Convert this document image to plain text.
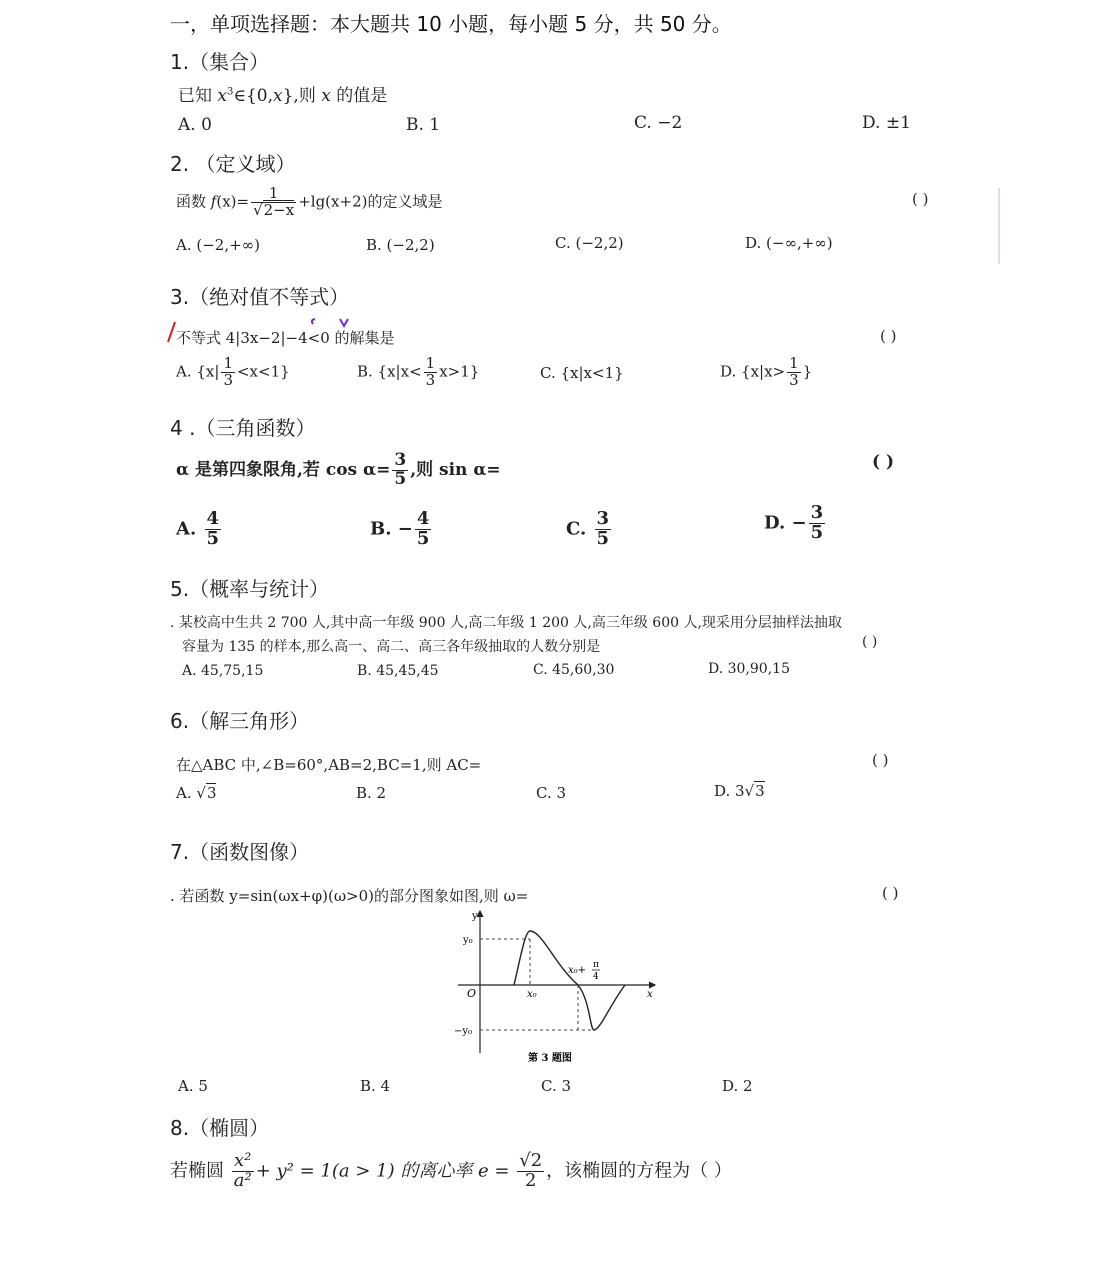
一，单项选择题：本大题共 10 小题，每小题 5 分，共 50 分。
1.（集合）
已知 $x^3\in\{0,x\}$,则 x 的值是
A. 0	B. 1	C. −2	D. ±1
2. （定义域）
函数 $f(x)= \frac{1}{√2-x} +\lg(x+2)$的定义域是	( )
A. (−2,+∞)	B. (−2,2)	C. (−2,2)	D. (−∞,+∞)
3.（绝对值不等式）
不等式 4|3x−2|−4<0 的解集是	( )
A. $\{x| \frac{1}{3} <x<1\}$	B. $\{x|x< \frac{1}{3} x>1\}$	C. {x|x<1}	D. {$x|x> \frac{1}{3}$ }
4 .（三角函数）
α 是第四象限角,若 $\cos \alpha= \frac{3}{5}$ ,则 sin α=	( )
A. $\frac{4}{5}$	B. − $\frac{4}{5}$	C. $\frac{3}{5}$	D. − $\frac{3}{5}$
5.（概率与统计）
. 某校高中生共 2 700 人,其中高一年级 900 人,高二年级 1 200 人,高三年级 600 人,现采用分层抽样法抽取
容量为 135 的样本,那么高一、高二、高三各年级抽取的人数分别是	( )
A. 45,75,15	B. 45,45,45	C. 45,60,30	D. 30,90,15
6.（解三角形）
在△ABC 中,∠B=60°,AB=2,BC=1,则 AC=	( )
A. √3	B. 2	C. 3	D. 3√3
7.（函数图像）
. 若函数 y=sin(ωx+φ)(ω>0)的部分图象如图,则 ω=	( )
y
x
O
y₀
−y₀
x₀
x₀+ π
4
第 3 题图
A. 5	B. 4	C. 3	D. 2
8.（椭圆）
若椭圆 $\frac{\text{x²}}{\text{a²}} + y^2 = 1(a > 1)$ 的离心率 $e = \frac{√2}{2}$ ，该椭圆的方程为（ ）
